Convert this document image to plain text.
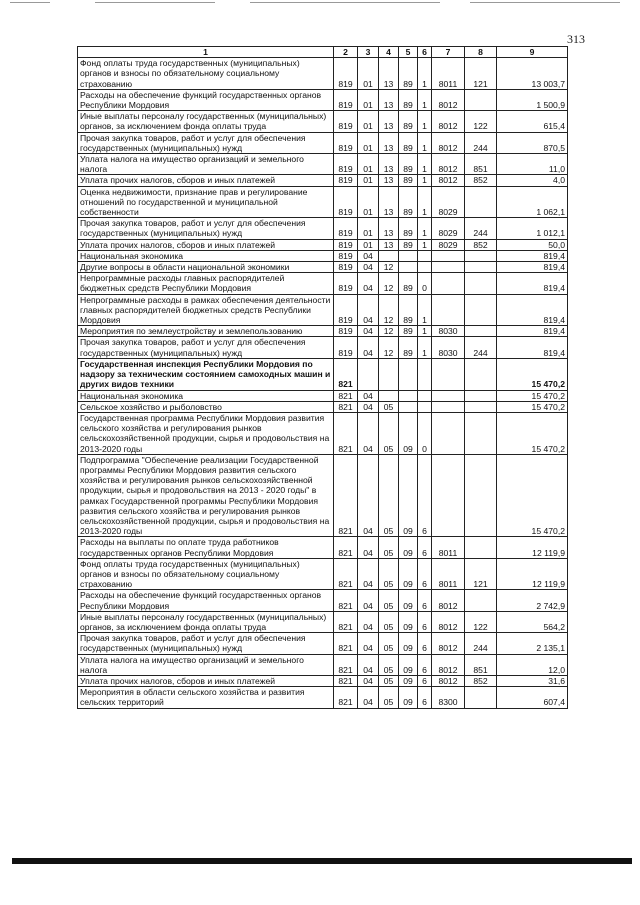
313
1	2	3	4	5	6	7	8	9
Фонд оплаты труда государственных (муниципальных) органов и взносы по обязательному социальному страхованию	819	01	13	89	1	8011	121	13 003,7
Расходы на обеспечение функций государственных органов Республики Мордовия	819	01	13	89	1	8012		1 500,9
Иные выплаты персоналу государственных (муниципальных) органов, за исключением фонда оплаты труда	819	01	13	89	1	8012	122	615,4
Прочая закупка товаров, работ и услуг для обеспечения государственных (муниципальных) нужд	819	01	13	89	1	8012	244	870,5
Уплата налога на имущество организаций и земельного налога	819	01	13	89	1	8012	851	11,0
Уплата прочих налогов, сборов и иных платежей	819	01	13	89	1	8012	852	4,0
Оценка недвижимости, признание прав и регулирование отношений по государственной и муниципальной собственности	819	01	13	89	1	8029		1 062,1
Прочая закупка товаров, работ и услуг для обеспечения государственных (муниципальных) нужд	819	01	13	89	1	8029	244	1 012,1
Уплата прочих налогов, сборов и иных платежей	819	01	13	89	1	8029	852	50,0
Национальная экономика	819	04						819,4
Другие вопросы в области национальной экономики	819	04	12					819,4
Непрограммные расходы главных распорядителей бюджетных средств Республики Мордовия	819	04	12	89	0			819,4
Непрограммные расходы в рамках обеспечения деятельности главных распорядителей бюджетных средств Республики Мордовия	819	04	12	89	1			819,4
Мероприятия по землеустройству и землепользованию	819	04	12	89	1	8030		819,4
Прочая закупка товаров, работ и услуг для обеспечения государственных (муниципальных) нужд	819	04	12	89	1	8030	244	819,4
Государственная инспекция Республики Мордовия по надзору за техническим состоянием самоходных машин и других видов техники	821							15 470,2
Национальная экономика	821	04						15 470,2
Сельское хозяйство и рыболовство	821	04	05					15 470,2
Государственная программа Республики Мордовия развития сельского хозяйства и регулирования рынков сельскохозяйственной продукции, сырья и продовольствия на 2013-2020 годы	821	04	05	09	0			15 470,2
Подпрограмма "Обеспечение реализации Государственной программы Республики Мордовия развития сельского хозяйства и регулирования рынков сельскохозяйственной продукции, сырья и продовольствия на 2013 - 2020 годы" в рамках Государственной программы Республики Мордовия развития сельского хозяйства и регулирования рынков сельскохозяйственной продукции, сырья и продовольствия на 2013-2020 годы	821	04	05	09	6			15 470,2
Расходы на выплаты по оплате труда работников государственных органов Республики Мордовия	821	04	05	09	6	8011		12 119,9
Фонд оплаты труда государственных (муниципальных) органов и взносы по обязательному социальному страхованию	821	04	05	09	6	8011	121	12 119,9
Расходы на обеспечение функций государственных органов Республики Мордовия	821	04	05	09	6	8012		2 742,9
Иные выплаты персоналу государственных (муниципальных) органов, за исключением фонда оплаты труда	821	04	05	09	6	8012	122	564,2
Прочая закупка товаров, работ и услуг для обеспечения государственных (муниципальных) нужд	821	04	05	09	6	8012	244	2 135,1
Уплата налога на имущество организаций и земельного налога	821	04	05	09	6	8012	851	12,0
Уплата прочих налогов, сборов и иных платежей	821	04	05	09	6	8012	852	31,6
Мероприятия в области сельского хозяйства и развития сельских территорий	821	04	05	09	6	8300		607,4
